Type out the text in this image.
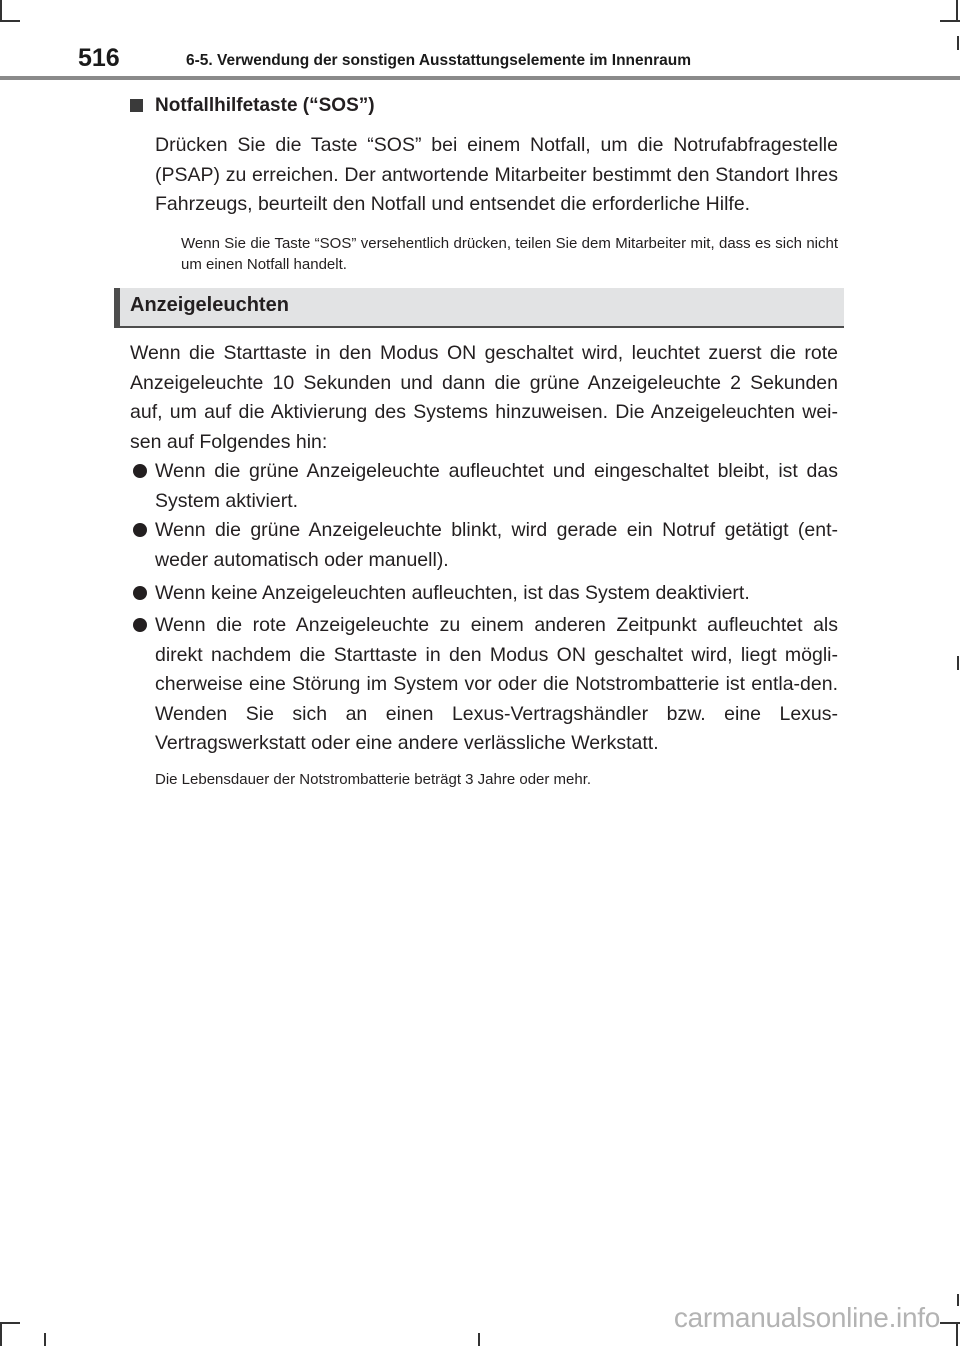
516	6-5. Verwendung der sonstigen Ausstattungselemente im Innenraum
Notfallhilfetaste (“SOS”)
Drücken Sie die Taste “SOS” bei einem Notfall, um die Notrufabfragestelle (PSAP) zu erreichen. Der antwortende Mitarbeiter bestimmt den Standort Ihres Fahrzeugs, beurteilt den Notfall und entsendet die erforderliche Hilfe.
Wenn Sie die Taste “SOS” versehentlich drücken, teilen Sie dem Mitarbeiter mit, dass es sich nicht um einen Notfall handelt.
Anzeigeleuchten
Wenn die Starttaste in den Modus ON geschaltet wird, leuchtet zuerst die rote Anzeigeleuchte 10 Sekunden und dann die grüne Anzeigeleuchte 2 Sekunden auf, um auf die Aktivierung des Systems hinzuweisen. Die Anzeigeleuchten wei-sen auf Folgendes hin:
Wenn die grüne Anzeigeleuchte aufleuchtet und eingeschaltet bleibt, ist das System aktiviert.
Wenn die grüne Anzeigeleuchte blinkt, wird gerade ein Notruf getätigt (ent-weder automatisch oder manuell).
Wenn keine Anzeigeleuchten aufleuchten, ist das System deaktiviert.
Wenn die rote Anzeigeleuchte zu einem anderen Zeitpunkt aufleuchtet als direkt nachdem die Starttaste in den Modus ON geschaltet wird, liegt mögli-cherweise eine Störung im System vor oder die Notstrombatterie ist entla-den. Wenden Sie sich an einen Lexus-Vertragshändler bzw. eine Lexus-Vertragswerkstatt oder eine andere verlässliche Werkstatt.
Die Lebensdauer der Notstrombatterie beträgt 3 Jahre oder mehr.
carmanualsonline.info
